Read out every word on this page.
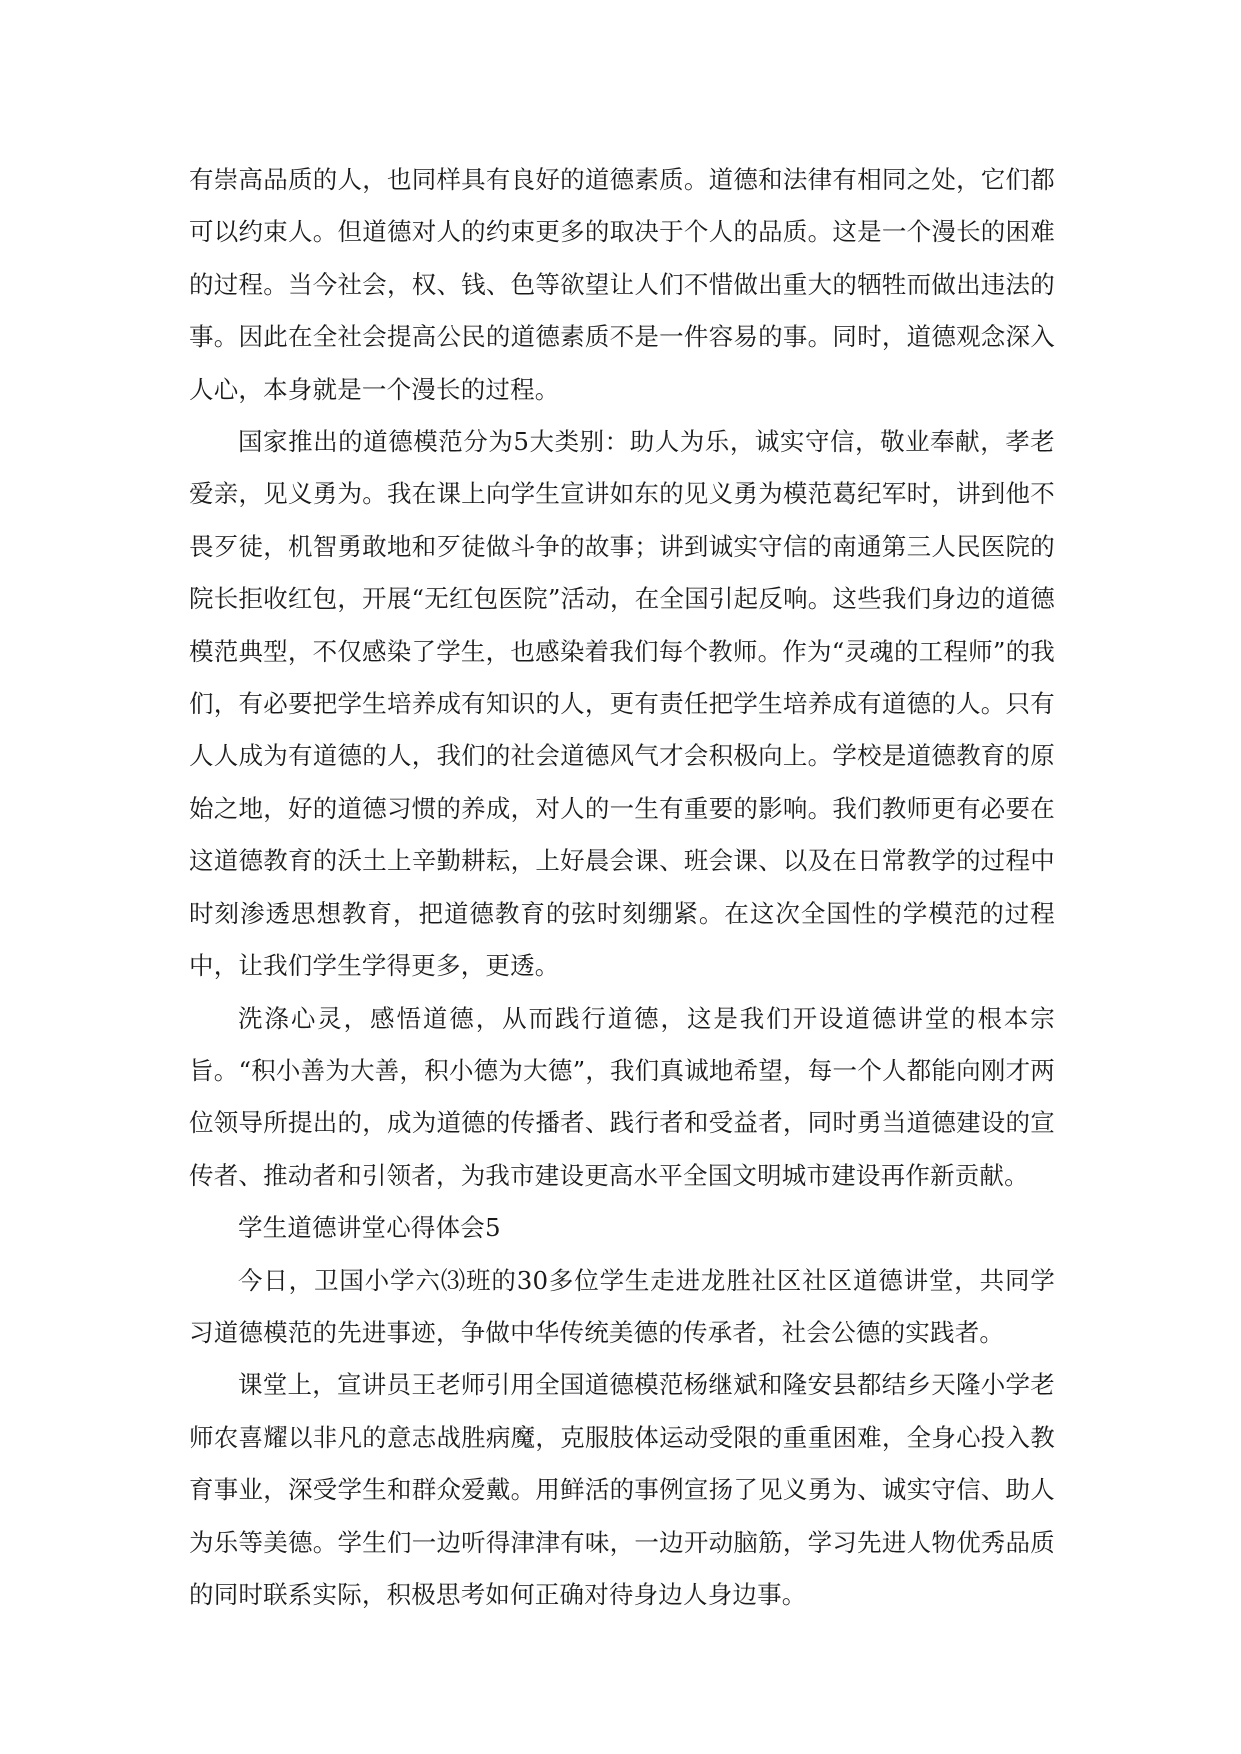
有崇高品质的人，也同样具有良好的道德素质。道德和法律有相同之处，它们都可以约束人。但道德对人的约束更多的取决于个人的品质。这是一个漫长的困难的过程。当今社会，权、钱、色等欲望让人们不惜做出重大的牺牲而做出违法的事。因此在全社会提高公民的道德素质不是一件容易的事。同时，道德观念深入人心，本身就是一个漫长的过程。

国家推出的道德模范分为5大类别：助人为乐，诚实守信，敬业奉献，孝老爱亲，见义勇为。我在课上向学生宣讲如东的见义勇为模范葛纪军时，讲到他不畏歹徒，机智勇敢地和歹徒做斗争的故事；讲到诚实守信的南通第三人民医院的院长拒收红包，开展“无红包医院”活动，在全国引起反响。这些我们身边的道德模范典型，不仅感染了学生，也感染着我们每个教师。作为“灵魂的工程师”的我们，有必要把学生培养成有知识的人，更有责任把学生培养成有道德的人。只有人人成为有道德的人，我们的社会道德风气才会积极向上。学校是道德教育的原始之地，好的道德习惯的养成，对人的一生有重要的影响。我们教师更有必要在这道德教育的沃土上辛勤耕耘，上好晨会课、班会课、以及在日常教学的过程中时刻渗透思想教育，把道德教育的弦时刻绷紧。在这次全国性的学模范的过程中，让我们学生学得更多，更透。

洗涤心灵，感悟道德，从而践行道德，这是我们开设道德讲堂的根本宗旨。“积小善为大善，积小德为大德”，我们真诚地希望，每一个人都能向刚才两位领导所提出的，成为道德的传播者、践行者和受益者，同时勇当道德建设的宣传者、推动者和引领者，为我市建设更高水平全国文明城市建设再作新贡献。

学生道德讲堂心得体会5

今日，卫国小学六⑶班的30多位学生走进龙胜社区社区道德讲堂，共同学习道德模范的先进事迹，争做中华传统美德的传承者，社会公德的实践者。

课堂上，宣讲员王老师引用全国道德模范杨继斌和隆安县都结乡天隆小学老师农喜耀以非凡的意志战胜病魔，克服肢体运动受限的重重困难，全身心投入教育事业，深受学生和群众爱戴。用鲜活的事例宣扬了见义勇为、诚实守信、助人为乐等美德。学生们一边听得津津有味，一边开动脑筋，学习先进人物优秀品质的同时联系实际，积极思考如何正确对待身边人身边事。
